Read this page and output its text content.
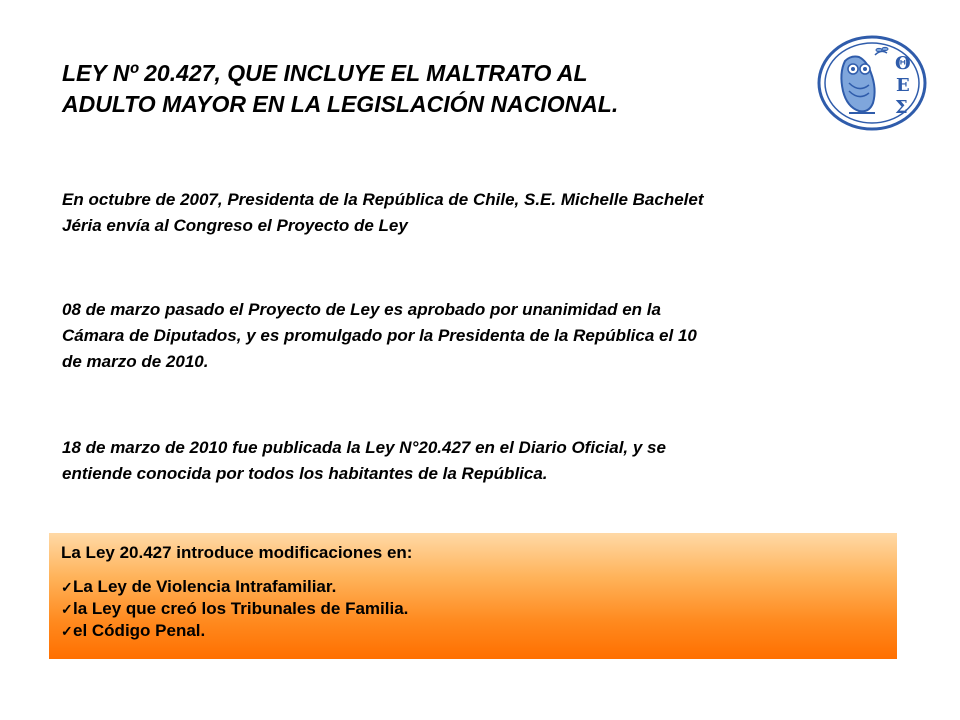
LEY Nº 20.427, QUE INCLUYE EL MALTRATO AL
ADULTO MAYOR EN LA LEGISLACIÓN NACIONAL.
Θ
Ε
Σ

En octubre de 2007, Presidenta de la República de Chile, S.E. Michelle Bachelet
Jéria envía al Congreso el Proyecto de Ley

08 de marzo pasado el Proyecto de Ley es aprobado por unanimidad en la
Cámara de Diputados, y es promulgado por la Presidenta de la República el 10
de marzo de 2010.

18 de marzo de 2010 fue publicada la Ley N°20.427 en el Diario Oficial, y se
entiende conocida por todos los habitantes de la República.

La Ley 20.427 introduce modificaciones en:

✓ La Ley de Violencia Intrafamiliar.
✓ la Ley que creó los Tribunales de Familia.
✓ el Código Penal.
